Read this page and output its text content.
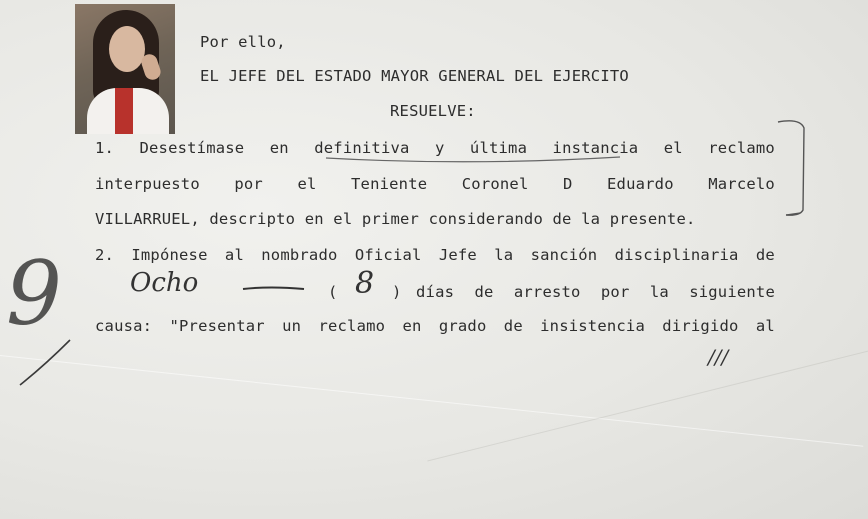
Por ello,
EL JEFE DEL ESTADO MAYOR GENERAL DEL EJERCITO
RESUELVE:
1. Desestímase en definitiva y última instancia el reclamo
interpuesto por el Teniente Coronel D Eduardo Marcelo
VILLARRUEL, descripto en el primer considerando de la presente.
2. Impónese al nombrado Oficial Jefe la sanción disciplinaria de
Ocho	( 8 ) días de arresto por la siguiente
causa: "Presentar un reclamo en grado de insistencia dirigido al
///
9
